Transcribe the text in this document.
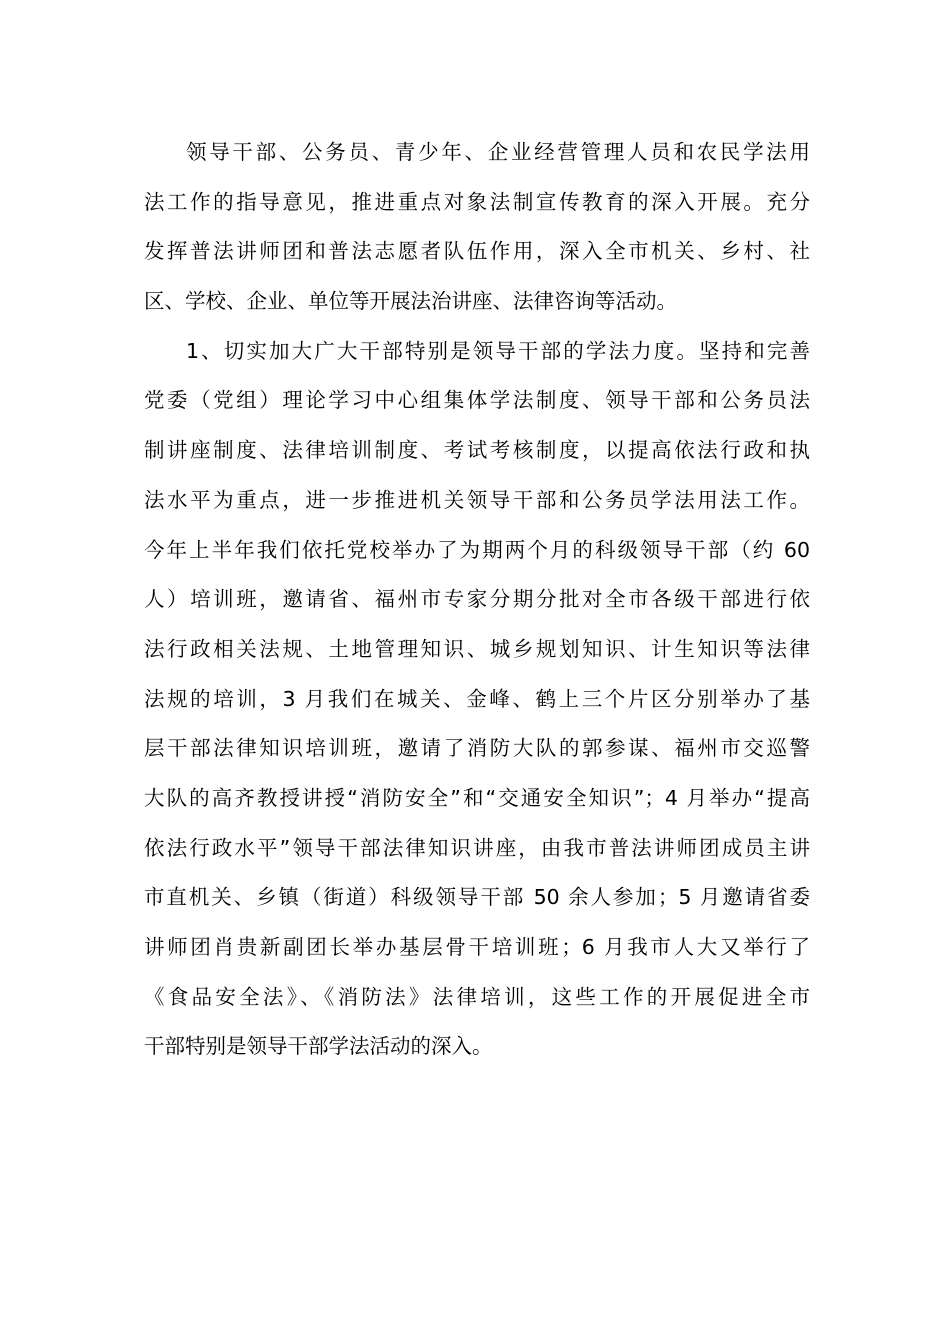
领导干部、公务员、青少年、企业经营管理人员和农民学法用
法工作的指导意见，推进重点对象法制宣传教育的深入开展。充分
发挥普法讲师团和普法志愿者队伍作用，深入全市机关、乡村、社
区、学校、企业、单位等开展法治讲座、法律咨询等活动。
1、切实加大广大干部特别是领导干部的学法力度。坚持和完善
党委（党组）理论学习中心组集体学法制度、领导干部和公务员法
制讲座制度、法律培训制度、考试考核制度，以提高依法行政和执
法水平为重点，进一步推进机关领导干部和公务员学法用法工作。
今年上半年我们依托党校举办了为期两个月的科级领导干部（约 60
人）培训班，邀请省、福州市专家分期分批对全市各级干部进行依
法行政相关法规、土地管理知识、城乡规划知识、计生知识等法律
法规的培训，3 月我们在城关、金峰、鹤上三个片区分别举办了基
层干部法律知识培训班，邀请了消防大队的郭参谋、福州市交巡警
大队的高齐教授讲授“消防安全”和“交通安全知识”；4 月举办“提高
依法行政水平”领导干部法律知识讲座，由我市普法讲师团成员主讲
市直机关、乡镇（街道）科级领导干部 50 余人参加；5 月邀请省委
讲师团肖贵新副团长举办基层骨干培训班；6 月我市人大又举行了
《食品安全法》、《消防法》法律培训，这些工作的开展促进全市
干部特别是领导干部学法活动的深入。
